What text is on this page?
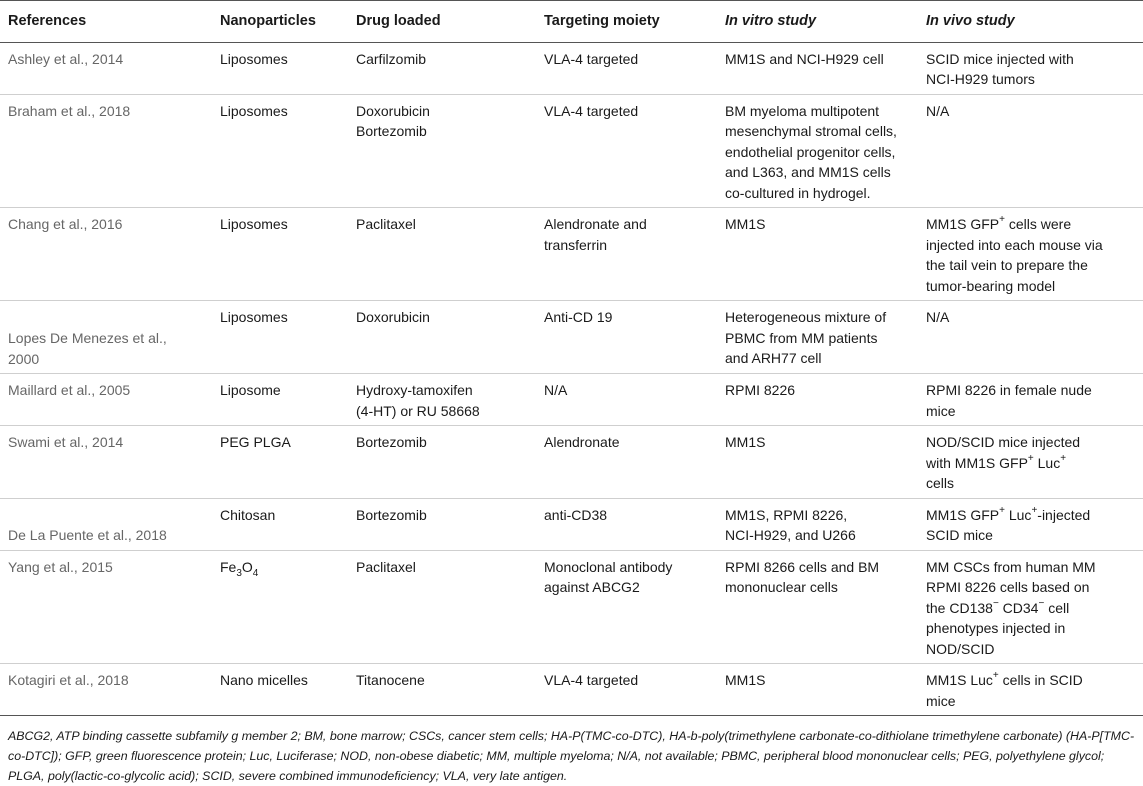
References	Nanoparticles	Drug loaded	Targeting moiety	In vitro study	In vivo study
Ashley et al., 2014	Liposomes	Carfilzomib	VLA-4 targeted	MM1S and NCI-H929 cell	SCID mice injected with
NCI-H929 tumors

Braham et al., 2018	Liposomes	Doxorubicin
Bortezomib	VLA-4 targeted	BM myeloma multipotent
mesenchymal stromal cells,
endothelial progenitor cells,
and L363, and MM1S cells
co-cultured in hydrogel.	N/A

Chang et al., 2016	Liposomes	Paclitaxel	Alendronate and
transferrin	MM1S	MM1S GFP+ cells were
injected into each mouse via
the tail vein to prepare the
tumor-bearing model

Lopes De Menezes et al.,
2000	Liposomes	Doxorubicin	Anti-CD 19	Heterogeneous mixture of
PBMC from MM patients
and ARH77 cell	N/A

Maillard et al., 2005	Liposome	Hydroxy-tamoxifen
(4-HT) or RU 58668	N/A	RPMI 8226	RPMI 8226 in female nude
mice

Swami et al., 2014	PEG PLGA	Bortezomib	Alendronate	MM1S	NOD/SCID mice injected
with MM1S GFP+ Luc+
cells

De La Puente et al., 2018	Chitosan	Bortezomib	anti-CD38	MM1S, RPMI 8226,
NCI-H929, and U266	MM1S GFP+ Luc+-injected
SCID mice

Yang et al., 2015	$Fe_3O_4$	Paclitaxel	Monoclonal antibody
against ABCG2	RPMI 8266 cells and BM
mononuclear cells	MM CSCs from human MM
RPMI 8226 cells based on
the CD138− CD34− cell
phenotypes injected in
NOD/SCID

Kotagiri et al., 2018	Nano micelles	Titanocene	VLA-4 targeted	MM1S	MM1S Luc+ cells in SCID
mice
ABCG2, ATP binding cassette subfamily g member 2; BM, bone marrow; CSCs, cancer stem cells; HA-P(TMC-co-DTC), HA-b-poly(trimethylene carbonate-co-dithiolane trimethylene carbonate) (HA-P[TMC-co-DTC]); GFP, green fluorescence protein; Luc, Luciferase; NOD, non-obese diabetic; MM, multiple myeloma; N/A, not available; PBMC, peripheral blood mononuclear cells; PEG, polyethylene glycol; PLGA, poly(lactic-co-glycolic acid); SCID, severe combined immunodeficiency; VLA, very late antigen.
